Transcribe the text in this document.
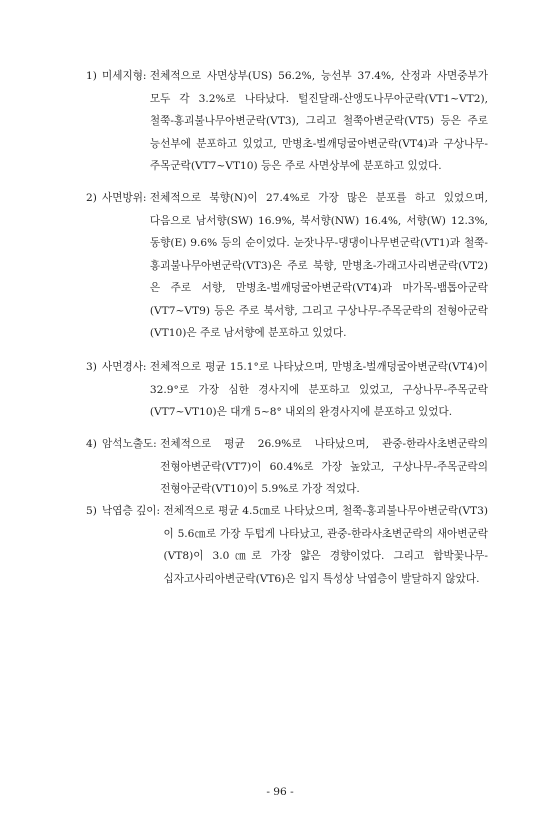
1) 미세지형: 전체적으로 사면상부(US) 56.2%, 능선부 37.4%, 산정과 사면중부가 모두 각 3.2%로 나타났다. 털진달래-산앵도나무아군락(VT1~VT2), 철쭉-홍괴불나무아변군락(VT3), 그리고 철쭉아변군락(VT5) 등은 주로 능선부에 분포하고 있었고, 만병초-벌깨덩굴아변군락(VT4)과 구상나무-주목군락(VT7~VT10) 등은 주로 사면상부에 분포하고 있었다.
2) 사면방위: 전체적으로 북향(N)이 27.4%로 가장 많은 분포를 하고 있었으며, 다음으로 남서향(SW) 16.9%, 북서향(NW) 16.4%, 서향(W) 12.3%, 동향(E) 9.6% 등의 순이었다. 눈잣나무-댕댕이나무변군락(VT1)과 철쭉-홍괴불나무아변군락(VT3)은 주로 북향, 만병초-가래고사리변군락(VT2)은 주로 서향, 만병초-벌깨덩굴아변군락(VT4)과 마가목-뱀톱아군락(VT7~VT9) 등은 주로 북서향, 그리고 구상나무-주목군락의 전형아군락(VT10)은 주로 남서향에 분포하고 있었다.
3) 사면경사: 전체적으로 평균 15.1°로 나타났으며, 만병초-벌깨덩굴아변군락(VT4)이 32.9°로 가장 심한 경사지에 분포하고 있었고, 구상나무-주목군락(VT7~VT10)은 대개 5~8° 내외의 완경사지에 분포하고 있었다.
4) 암석노출도: 전체적으로 평균 26.9%로 나타났으며, 관중-한라사초변군락의 전형아변군락(VT7)이 60.4%로 가장 높았고, 구상나무-주목군락의 전형아군락(VT10)이 5.9%로 가장 적었다.
5) 낙엽층 깊이: 전체적으로 평균 4.5㎝로 나타났으며, 철쭉-홍괴불나무아변군락(VT3)이 5.6㎝로 가장 두텁게 나타났고, 관중-한라사초변군락의 새아변군락(VT8)이 3.0㎝로 가장 얇은 경향이었다. 그리고 함박꽃나무-십자고사리아변군락(VT6)은 입지 특성상 낙엽층이 발달하지 않았다.
- 96 -
